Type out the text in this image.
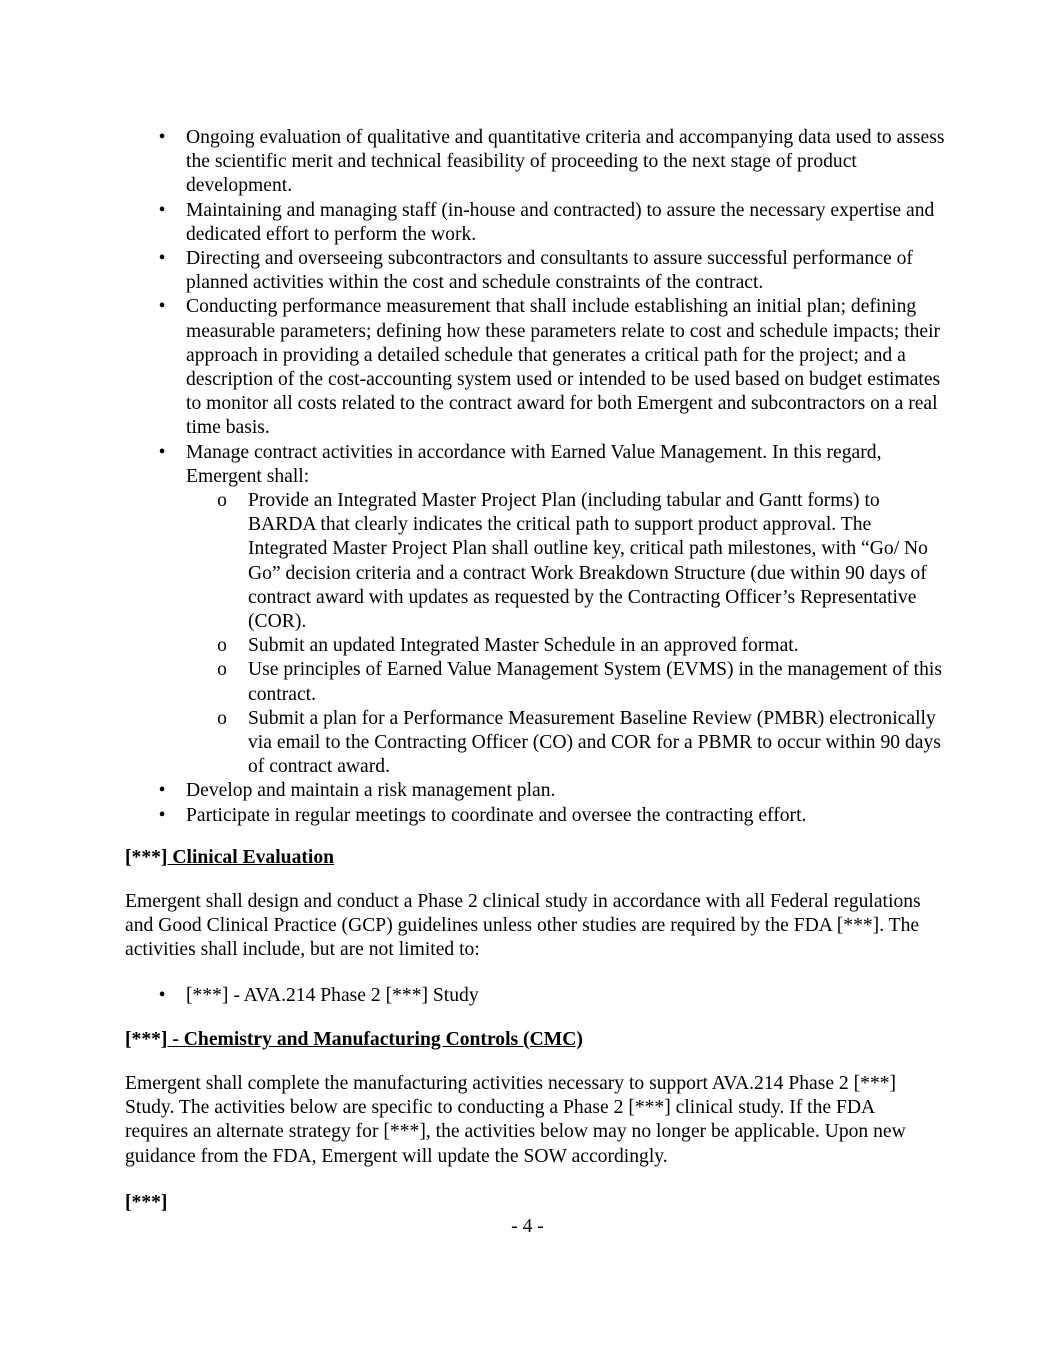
• Ongoing evaluation of qualitative and quantitative criteria and accompanying data used to assess the scientific merit and technical feasibility of proceeding to the next stage of product development.
• Maintaining and managing staff (in-house and contracted) to assure the necessary expertise and dedicated effort to perform the work.
• Directing and overseeing subcontractors and consultants to assure successful performance of planned activities within the cost and schedule constraints of the contract.
• Conducting performance measurement that shall include establishing an initial plan; defining measurable parameters; defining how these parameters relate to cost and schedule impacts; their approach in providing a detailed schedule that generates a critical path for the project; and a description of the cost-accounting system used or intended to be used based on budget estimates to monitor all costs related to the contract award for both Emergent and subcontractors on a real time basis.
• Manage contract activities in accordance with Earned Value Management. In this regard, Emergent shall:
o Provide an Integrated Master Project Plan (including tabular and Gantt forms) to BARDA that clearly indicates the critical path to support product approval. The Integrated Master Project Plan shall outline key, critical path milestones, with “Go/ No Go” decision criteria and a contract Work Breakdown Structure (due within 90 days of contract award with updates as requested by the Contracting Officer’s Representative (COR).
o Submit an updated Integrated Master Schedule in an approved format.
o Use principles of Earned Value Management System (EVMS) in the management of this contract.
o Submit a plan for a Performance Measurement Baseline Review (PMBR) electronically via email to the Contracting Officer (CO) and COR for a PBMR to occur within 90 days of contract award.
• Develop and maintain a risk management plan.
• Participate in regular meetings to coordinate and oversee the contracting effort.

[***] Clinical Evaluation

Emergent shall design and conduct a Phase 2 clinical study in accordance with all Federal regulations and Good Clinical Practice (GCP) guidelines unless other studies are required by the FDA [***]. The activities shall include, but are not limited to:

• [***] - AVA.214 Phase 2 [***] Study

[***] - Chemistry and Manufacturing Controls (CMC)

Emergent shall complete the manufacturing activities necessary to support AVA.214 Phase 2 [***] Study. The activities below are specific to conducting a Phase 2 [***] clinical study. If the FDA requires an alternate strategy for [***], the activities below may no longer be applicable. Upon new guidance from the FDA, Emergent will update the SOW accordingly.

[***]

- 4 -
